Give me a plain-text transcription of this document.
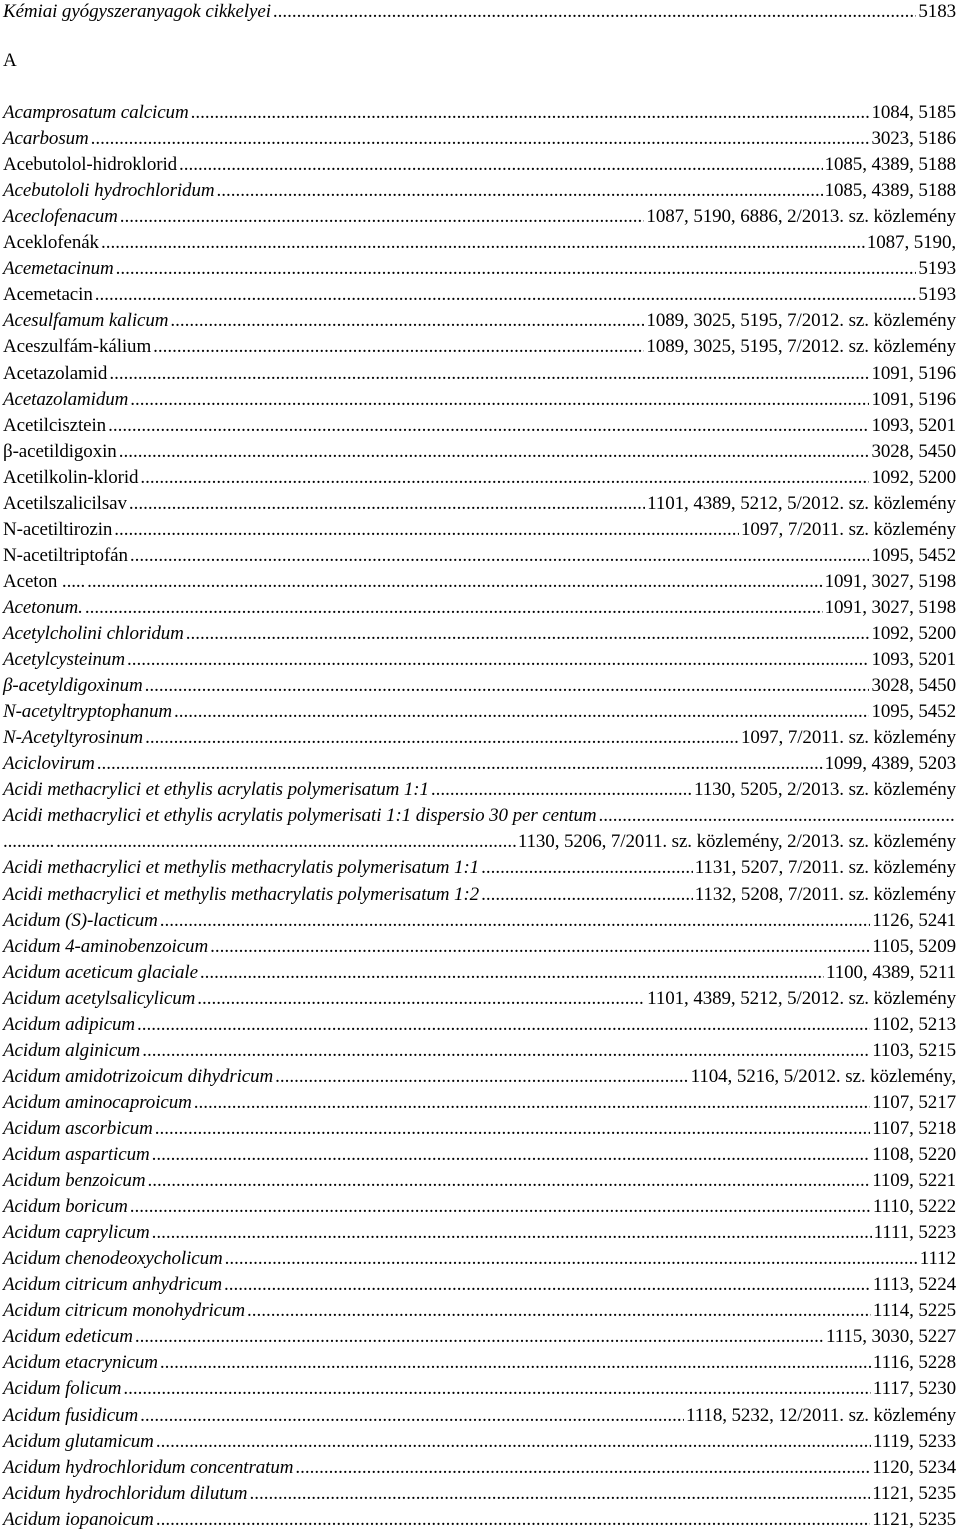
Kémiai gyógyszeranyagok cikkelyei .....	5183
A
Acamprosatum calcicum .....	1084, 5185
Acarbosum .....	3023, 5186
Acebutolol-hidroklorid .....	1085, 4389, 5188
Acebutololi hydrochloridum .....	1085, 4389, 5188
Aceclofenacum .....	1087, 5190, 6886, 2/2013. sz. közlemény
Aceklofenák .....	1087, 5190,
Acemetacinum .....	5193
Acemetacin .....	5193
Acesulfamum kalicum .....	1089, 3025, 5195, 7/2012. sz. közlemény
Aceszulfám-kálium .....	1089, 3025, 5195, 7/2012. sz. közlemény
Acetazolamid .....	1091, 5196
Acetazolamidum .....	1091, 5196
Acetilcisztein .....	1093, 5201
β-acetildigoxin .....	3028, 5450
Acetilkolin-klorid .....	1092, 5200
Acetilszalicilsav .....	1101, 4389, 5212, 5/2012. sz. közlemény
N-acetiltirozin .....	1097, 7/2011. sz. közlemény
N-acetiltriptofán .....	1095, 5452
Aceton ..... .....	1091, 3027, 5198
Acetonum. .....	1091, 3027, 5198
Acetylcholini chloridum .....	1092, 5200
Acetylcysteinum .....	1093, 5201
β-acetyldigoxinum .....	3028, 5450
N-acetyltryptophanum .....	1095, 5452
N-Acetyltyrosinum .....	1097, 7/2011. sz. közlemény
Aciclovirum .....	1099, 4389, 5203
Acidi methacrylici et ethylis acrylatis polymerisatum 1:1 .....	1130, 5205, 2/2013. sz. közlemény
Acidi methacrylici et ethylis acrylatis polymerisati 1:1 dispersio 30 per centum
.....
........... .....	1130, 5206, 7/2011. sz. közlemény, 2/2013. sz. közlemény
Acidi methacrylici et methylis methacrylatis polymerisatum 1:1 .....	1131, 5207, 7/2011. sz. közlemény
Acidi methacrylici et methylis methacrylatis polymerisatum 1:2 .....	1132, 5208, 7/2011. sz. közlemény
Acidum (S)-lacticum .....	1126, 5241
Acidum 4-aminobenzoicum .....	1105, 5209
Acidum aceticum glaciale .....	1100, 4389, 5211
Acidum acetylsalicylicum .....	1101, 4389, 5212, 5/2012. sz. közlemény
Acidum adipicum .....	1102, 5213
Acidum alginicum .....	1103, 5215
Acidum amidotrizoicum dihydricum .....	1104, 5216, 5/2012. sz. közlemény,
Acidum aminocaproicum .....	1107, 5217
Acidum ascorbicum .....	1107, 5218
Acidum asparticum .....	1108, 5220
Acidum benzoicum .....	1109, 5221
Acidum boricum .....	1110, 5222
Acidum caprylicum .....	1111, 5223
Acidum chenodeoxycholicum .....	1112
Acidum citricum anhydricum .....	1113, 5224
Acidum citricum monohydricum .....	1114, 5225
Acidum edeticum .....	1115, 3030, 5227
Acidum etacrynicum .....	1116, 5228
Acidum folicum .....	1117, 5230
Acidum fusidicum .....	1118, 5232, 12/2011. sz. közlemény
Acidum glutamicum .....	1119, 5233
Acidum hydrochloridum concentratum .....	1120, 5234
Acidum hydrochloridum dilutum .....	1121, 5235
Acidum iopanoicum .....	1121, 5235
